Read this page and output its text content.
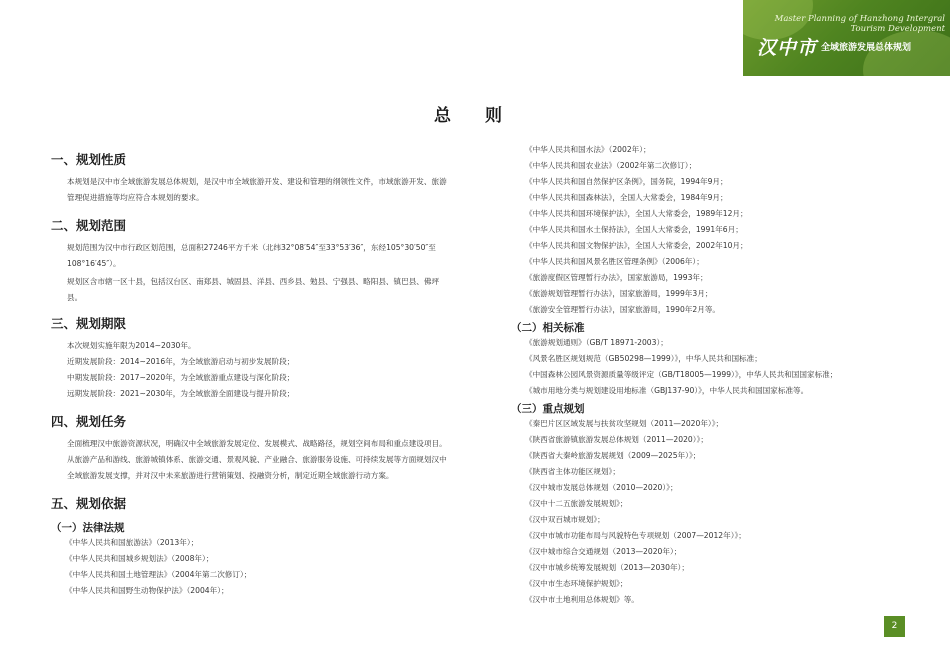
Master Planning of Hanzhong Intergral Tourism Development
汉中市 全域旅游发展总体规划
总 则
一、规划性质
本规划是汉中市全域旅游发展总体规划，是汉中市全域旅游开发、建设和管理的纲领性文件，市域旅游开发、旅游管理促进措施等均应符合本规划的要求。
二、规划范围
规划范围为汉中市行政区划范围，总面积27246平方千米（北纬32°08′54″至33°53′36″，东经105°30′50″至108°16′45″）。
规划区含市辖一区十县，包括汉台区、南郑县、城固县、洋县、西乡县、勉县、宁强县、略阳县、镇巴县、佛坪县。
三、规划期限
本次规划实施年限为2014~2030年。
近期发展阶段：2014~2016年，为全域旅游启动与初步发展阶段；
中期发展阶段：2017~2020年，为全域旅游重点建设与深化阶段；
远期发展阶段：2021~2030年，为全域旅游全面建设与提升阶段；
四、规划任务
全面梳理汉中旅游资源状况，明确汉中全域旅游发展定位、发展模式、战略路径，规划空间布局和重点建设项目。从旅游产品和游线、旅游城镇体系、旅游交通、景观风貌、产业融合、旅游服务设施、可持续发展等方面规划汉中全域旅游发展支撑，并对汉中未来旅游进行营销策划、投融资分析，制定近期全域旅游行动方案。
五、规划依据
（一）法律法规
《中华人民共和国旅游法》（2013年）；
《中华人民共和国城乡规划法》（2008年）；
《中华人民共和国土地管理法》（2004年第二次修订）；
《中华人民共和国野生动物保护法》（2004年）；
《中华人民共和国水法》（2002年）；
《中华人民共和国农业法》（2002年第二次修订）；
《中华人民共和国自然保护区条例》，国务院，1994年9月；
《中华人民共和国森林法》，全国人大常委会，1984年9月；
《中华人民共和国环境保护法》，全国人大常委会，1989年12月；
《中华人民共和国水土保持法》，全国人大常委会，1991年6月；
《中华人民共和国文物保护法》，全国人大常委会，2002年10月；
《中华人民共和国风景名胜区管理条例》（2006年）；
《旅游度假区管理暂行办法》，国家旅游局，1993年；
《旅游规划管理暂行办法》，国家旅游局，1999年3月；
《旅游安全管理暂行办法》，国家旅游局，1990年2月等。
（二）相关标准
《旅游规划通则》（GB/T 18971-2003）；
《风景名胜区规划规范（GB50298—1999）》，中华人民共和国标准；
《中国森林公园风景资源质量等级评定（GB/T18005—1999）》，中华人民共和国国家标准；
《城市用地分类与规划建设用地标准（GBJ137-90）》，中华人民共和国国家标准等。
（三）重点规划
《秦巴片区区域发展与扶贫攻坚规划（2011—2020年）》；
《陕西省旅游镇旅游发展总体规划（2011—2020）》；
《陕西省大秦岭旅游发展规划（2009—2025年）》；
《陕西省主体功能区规划》；
《汉中城市发展总体规划（2010—2020）》；
《汉中十二五旅游发展规划》；
《汉中双百城市规划》；
《汉中市城市功能布局与风貌特色专项规划（2007—2012年）》；
《汉中城市综合交通规划（2013—2020年）；
《汉中市城乡统筹发展规划（2013—2030年）；
《汉中市生态环境保护规划》；
《汉中市土地利用总体规划》等。
2
